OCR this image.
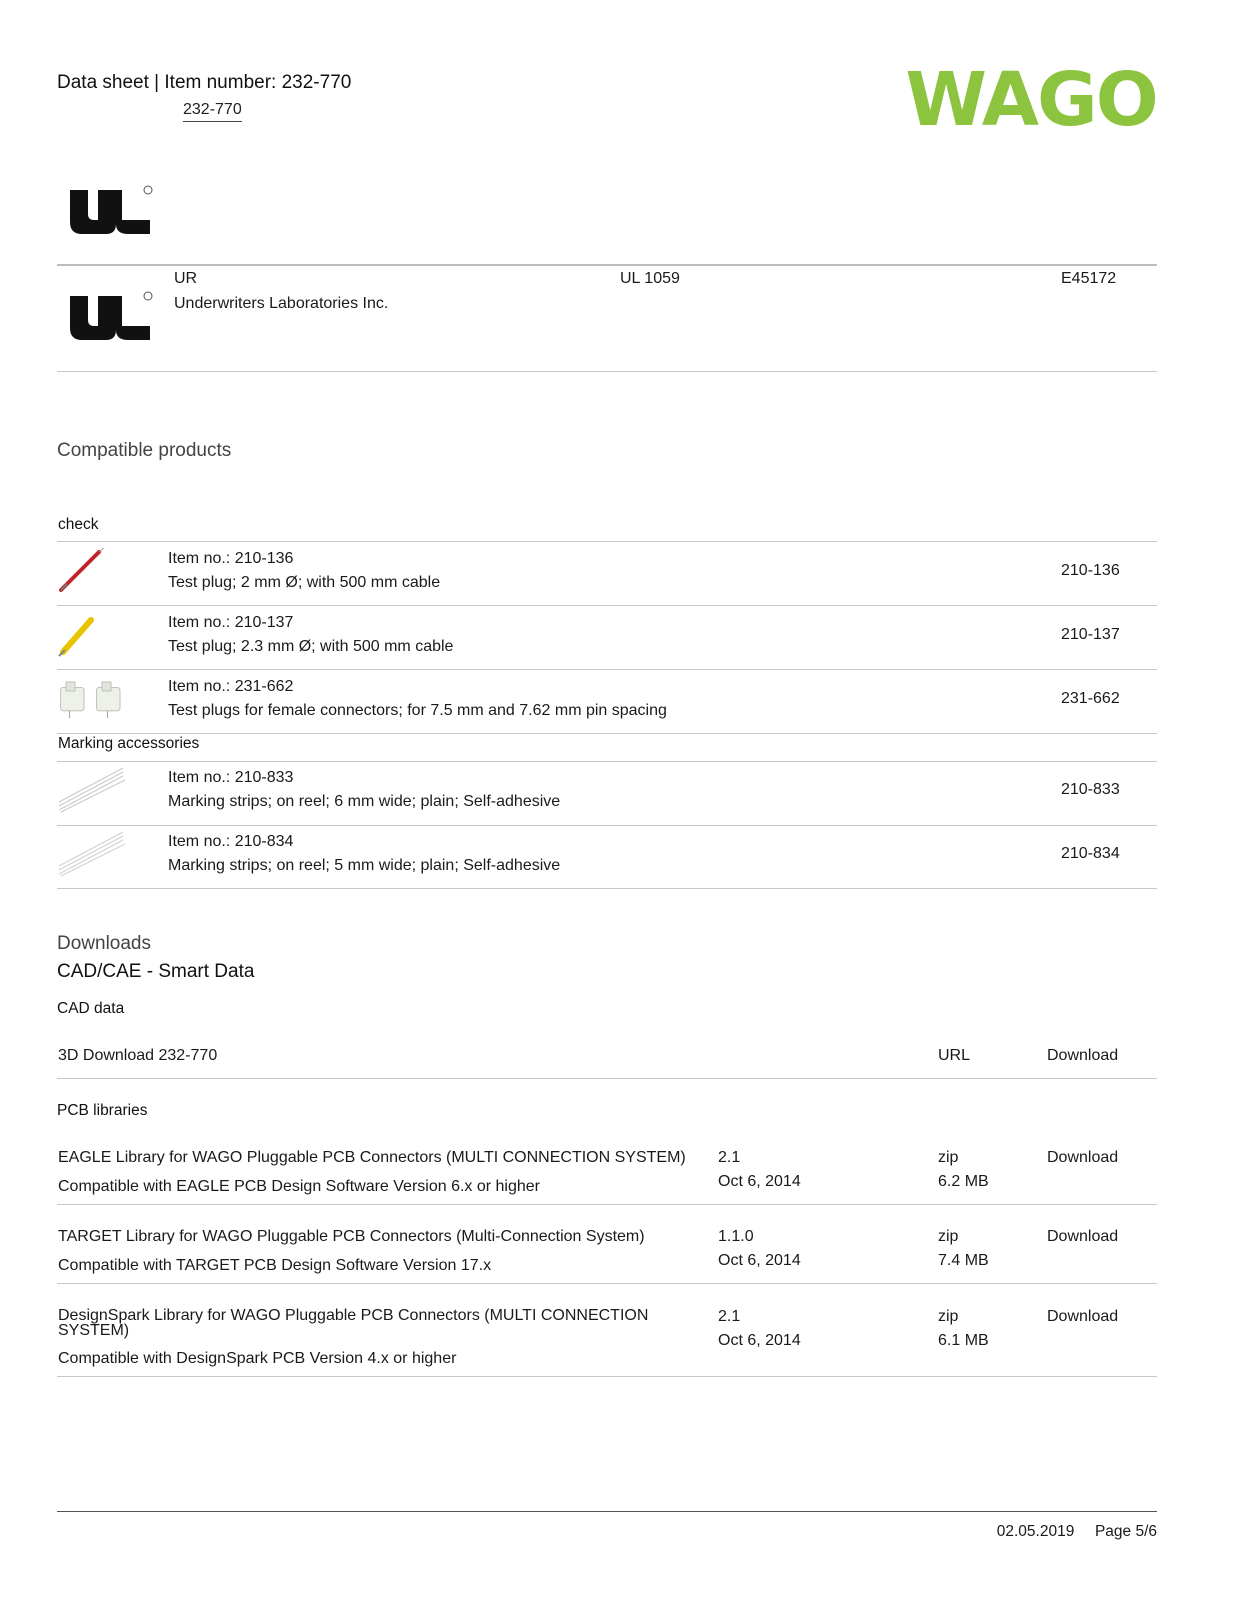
Data sheet | Item number: 232-770
232-770	WAGO
UR
Underwriters Laboratories Inc.
UL 1059	E45172
Compatible products
check
Item no.: 210-136
Test plug; 2 mm Ø; with 500 mm cable
210-136
Item no.: 210-137
Test plug; 2.3 mm Ø; with 500 mm cable
210-137
Item no.: 231-662
Test plugs for female connectors; for 7.5 mm and 7.62 mm pin spacing
231-662
Marking accessories
Item no.: 210-833
Marking strips; on reel; 6 mm wide; plain; Self-adhesive
210-833
Item no.: 210-834
Marking strips; on reel; 5 mm wide; plain; Self-adhesive
210-834
Downloads
CAD/CAE - Smart Data
CAD data
3D Download 232-770	URL	Download
PCB libraries
EAGLE Library for WAGO Pluggable PCB Connectors (MULTI CONNECTION SYSTEM)
Compatible with EAGLE PCB Design Software Version 6.x or higher
2.1
Oct 6, 2014
zip
6.2 MB
Download
TARGET Library for WAGO Pluggable PCB Connectors (Multi-Connection System)
Compatible with TARGET PCB Design Software Version 17.x
1.1.0
Oct 6, 2014
zip
7.4 MB
Download
DesignSpark Library for WAGO Pluggable PCB Connectors (MULTI CONNECTION SYSTEM)
Compatible with DesignSpark PCB Version 4.x or higher
2.1
Oct 6, 2014
zip
6.1 MB
Download
02.05.2019 Page 5/6
